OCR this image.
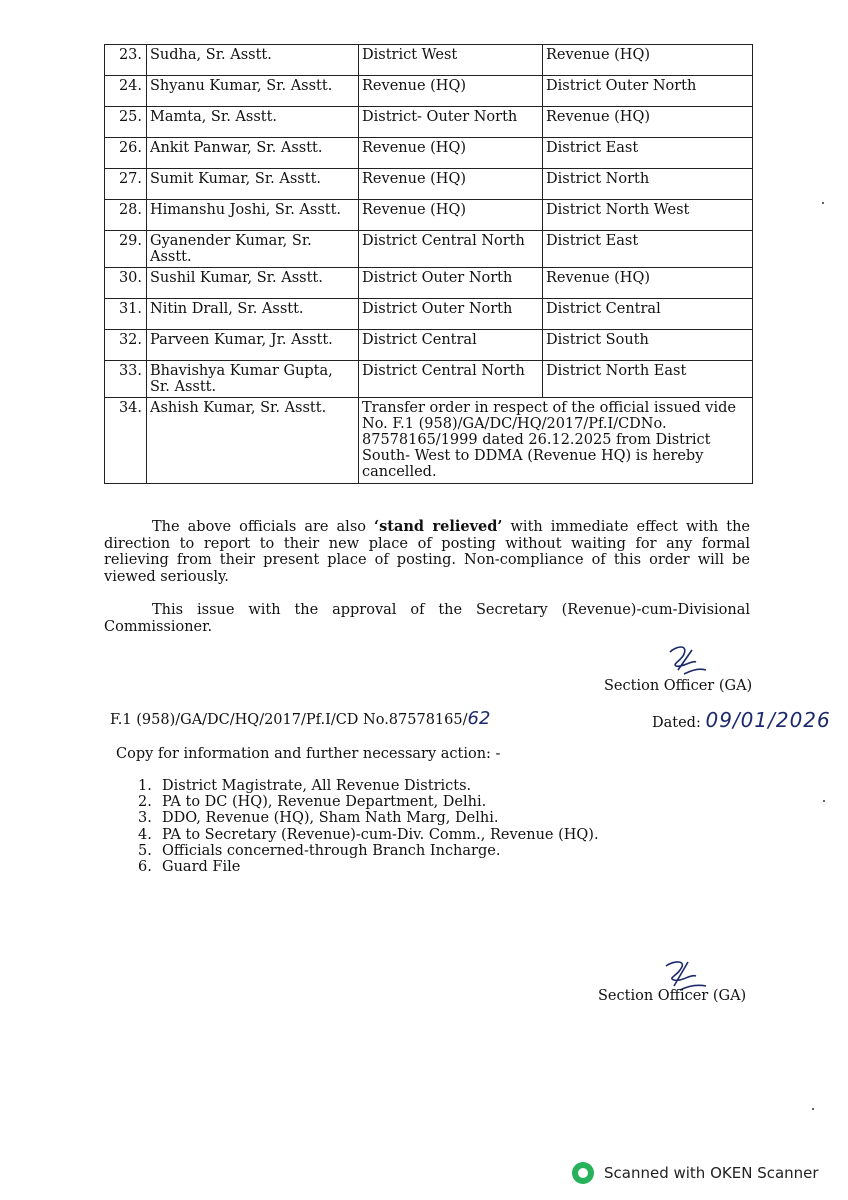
23.	Sudha, Sr. Asstt.	District West	Revenue (HQ)
24.	Shyanu Kumar, Sr. Asstt.	Revenue (HQ)	District Outer North
25.	Mamta, Sr. Asstt.	District- Outer North	Revenue (HQ)
26.	Ankit Panwar, Sr. Asstt.	Revenue (HQ)	District East
27.	Sumit Kumar, Sr. Asstt.	Revenue (HQ)	District North
28.	Himanshu Joshi, Sr. Asstt.	Revenue (HQ)	District North West
29.	Gyanender Kumar, Sr. Asstt.	District Central North	District East
30.	Sushil Kumar, Sr. Asstt.	District Outer North	Revenue (HQ)
31.	Nitin Drall, Sr. Asstt.	District Outer North	District Central
32.	Parveen Kumar, Jr. Asstt.	District Central	District South
33.	Bhavishya Kumar Gupta, Sr. Asstt.	District Central North	District North East
34.	Ashish Kumar, Sr. Asstt.	Transfer order in respect of the official issued vide No. F.1 (958)/GA/DC/HQ/2017/Pf.I/CDNo. 87578165/1999 dated 26.12.2025 from District South- West to DDMA (Revenue HQ) is hereby cancelled.	

The above officials are also ‘stand relieved’ with immediate effect with the direction to report to their new place of posting without waiting for any formal relieving from their present place of posting. Non-compliance of this order will be viewed seriously.

This issue with the approval of the Secretary (Revenue)-cum-Divisional Commissioner.

Section Officer (GA)
F.1 (958)/GA/DC/HQ/2017/Pf.I/CD No.87578165/62	Dated: 09/01/2026
Copy for information and further necessary action: -
1. District Magistrate, All Revenue Districts.
2. PA to DC (HQ), Revenue Department, Delhi.
3. DDO, Revenue (HQ), Sham Nath Marg, Delhi.
4. PA to Secretary (Revenue)-cum-Div. Comm., Revenue (HQ).
5. Officials concerned-through Branch Incharge.
6. Guard File
Section Officer (GA)
Scanned with OKEN Scanner
